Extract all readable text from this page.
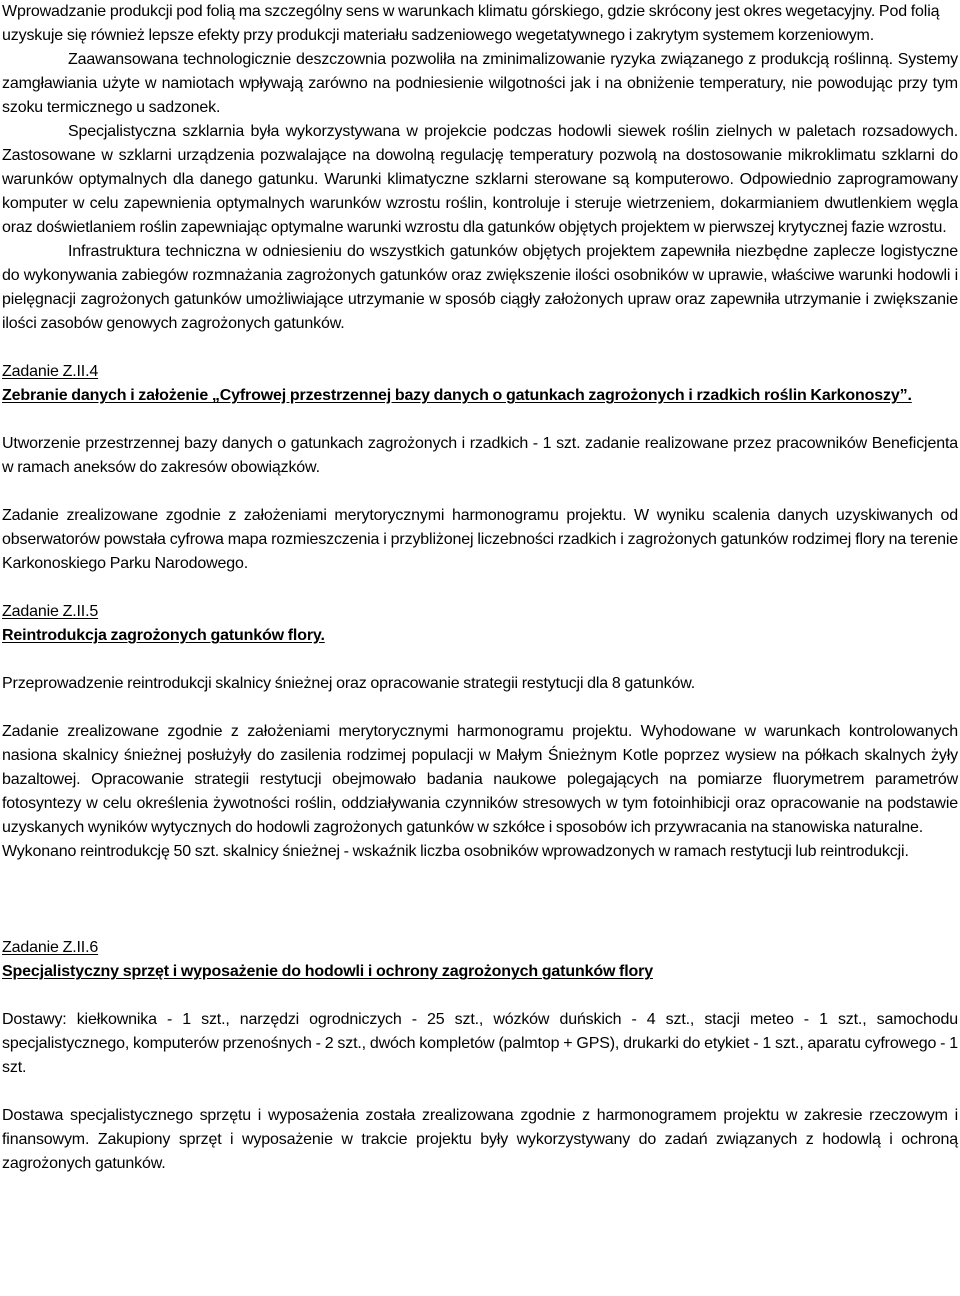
Wprowadzanie produkcji pod folią ma szczególny sens w warunkach klimatu górskiego, gdzie skrócony jest okres wegetacyjny. Pod folią uzyskuje się również lepsze efekty przy produkcji materiału sadzeniowego wegetatywnego i zakrytym systemem korzeniowym.

Zaawansowana technologicznie deszczownia pozwoliła na zminimalizowanie ryzyka związanego z produkcją roślinną. Systemy zamgławiania użyte w namiotach wpływają zarówno na podniesienie wilgotności jak i na obniżenie temperatury, nie powodując przy tym szoku termicznego u sadzonek.

Specjalistyczna szklarnia była wykorzystywana w projekcie podczas hodowli siewek roślin zielnych w paletach rozsadowych. Zastosowane w szklarni urządzenia pozwalające na dowolną regulację temperatury pozwolą na dostosowanie mikroklimatu szklarni do warunków optymalnych dla danego gatunku. Warunki klimatyczne szklarni sterowane są komputerowo. Odpowiednio zaprogramowany komputer w celu zapewnienia optymalnych warunków wzrostu roślin, kontroluje i steruje wietrzeniem, dokarmianiem dwutlenkiem węgla oraz doświetlaniem roślin zapewniając optymalne warunki wzrostu dla gatunków objętych projektem w pierwszej krytycznej fazie wzrostu.

Infrastruktura techniczna w odniesieniu do wszystkich gatunków objętych projektem zapewniła niezbędne zaplecze logistyczne do wykonywania zabiegów rozmnażania zagrożonych gatunków oraz zwiększenie ilości osobników w uprawie, właściwe warunki hodowli i pielęgnacji zagrożonych gatunków umożliwiające utrzymanie w sposób ciągły założonych upraw oraz zapewniła utrzymanie i zwiększanie ilości zasobów genowych zagrożonych gatunków.

Zadanie Z.II.4

Zebranie danych i założenie „Cyfrowej przestrzennej bazy danych o gatunkach zagrożonych i rzadkich roślin Karkonoszy”.

Utworzenie przestrzennej bazy danych o gatunkach zagrożonych i rzadkich - 1 szt. zadanie realizowane przez pracowników Beneficjenta w ramach aneksów do zakresów obowiązków.

Zadanie zrealizowane zgodnie z założeniami merytorycznymi harmonogramu projektu. W wyniku scalenia danych uzyskiwanych od obserwatorów powstała cyfrowa mapa rozmieszczenia i przybliżonej liczebności rzadkich i zagrożonych gatunków rodzimej flory na terenie Karkonoskiego Parku Narodowego.

Zadanie Z.II.5

Reintrodukcja zagrożonych gatunków flory.

Przeprowadzenie reintrodukcji skalnicy śnieżnej oraz opracowanie strategii restytucji dla 8 gatunków.

Zadanie zrealizowane zgodnie z założeniami merytorycznymi harmonogramu projektu. Wyhodowane w warunkach kontrolowanych nasiona skalnicy śnieżnej posłużyły do zasilenia rodzimej populacji w Małym Śnieżnym Kotle poprzez wysiew na półkach skalnych żyły bazaltowej. Opracowanie strategii restytucji obejmowało badania naukowe polegających na pomiarze fluorymetrem parametrów fotosyntezy w celu określenia żywotności roślin, oddziaływania czynników stresowych w tym fotoinhibicji oraz opracowanie na podstawie uzyskanych wyników wytycznych do hodowli zagrożonych gatunków w szkółce i sposobów ich przywracania na stanowiska naturalne.

Wykonano reintrodukcję 50 szt. skalnicy śnieżnej - wskaźnik liczba osobników wprowadzonych w ramach restytucji lub reintrodukcji.

Zadanie Z.II.6

Specjalistyczny sprzęt i wyposażenie do hodowli i ochrony zagrożonych gatunków flory

Dostawy: kiełkownika - 1 szt., narzędzi ogrodniczych - 25 szt., wózków duńskich - 4 szt., stacji meteo - 1 szt., samochodu specjalistycznego, komputerów przenośnych - 2 szt., dwóch kompletów (palmtop + GPS), drukarki do etykiet - 1 szt., aparatu cyfrowego - 1 szt.

Dostawa specjalistycznego sprzętu i wyposażenia została zrealizowana zgodnie z harmonogramem projektu w zakresie rzeczowym i finansowym. Zakupiony sprzęt i wyposażenie w trakcie projektu były wykorzystywany do zadań związanych z hodowlą i ochroną zagrożonych gatunków.
